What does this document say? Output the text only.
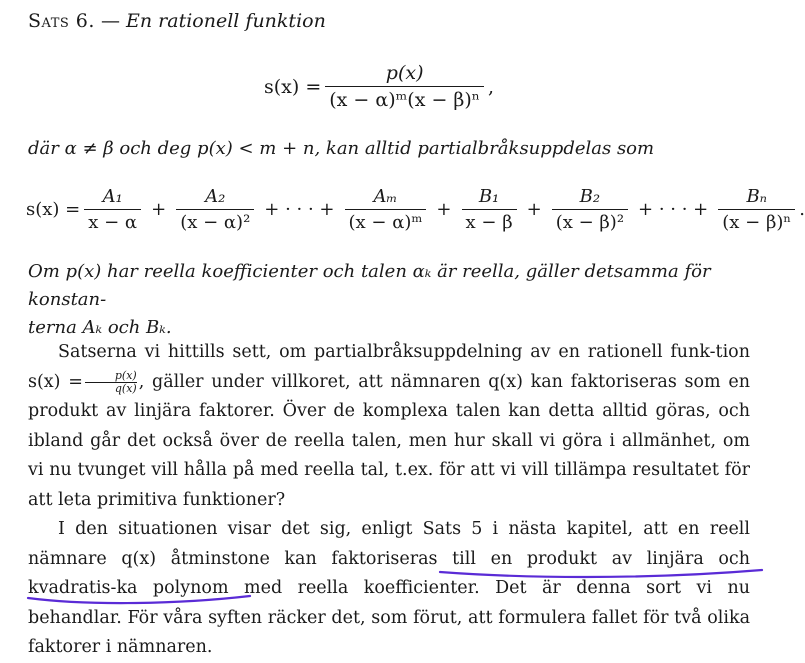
Sats 6. — En rationell funktion
$s(x) = \frac{p(x)}{\text{(x − α)ᵐ(x − β)ⁿ}}$ ,
där α ≠ β och deg p(x) < m + n, kan alltid partialbråksuppdelas som
$s(x) = \frac{\text{A₁}}{x - \alpha} + \frac{\text{A₂}}{\text{(x − α)²}}$ + · · · + $\frac{\text{Aₘ}}{\text{(x − α)ᵐ}} + \frac{\text{B₁}}{x - \beta} + \frac{\text{B₂}}{\text{(x − β)²}}$ + · · · + $\frac{\text{Bₙ}}{\text{(x − β)ⁿ}}$ .
Om p(x) har reella koefficienter och talen αₖ är reella, gäller detsamma för konstan-
terna Aₖ och Bₖ.

Satserna vi hittills sett, om partialbråksuppdelning av en rationell funk-tion $s(x) = \frac{p(x)}{q(x)}$ , gäller under villkoret, att nämnaren q(x) kan faktoriseras som en produkt av linjära faktorer. Över de komplexa talen kan detta alltid göras, och ibland går det också över de reella talen, men hur skall vi göra i allmänhet, om vi nu tvunget vill hålla på med reella tal, t.ex. för att vi vill tillämpa resultatet för att leta primitiva funktioner?

I den situationen visar det sig, enligt Sats 5 i nästa kapitel, att en reell nämnare q(x) åtminstone kan faktoriseras till en produkt av linjära och kvadratis-ka polynom med reella koefficienter. Det är denna sort vi nu behandlar. För våra syften räcker det, som förut, att formulera fallet för två olika faktorer i nämnaren.
